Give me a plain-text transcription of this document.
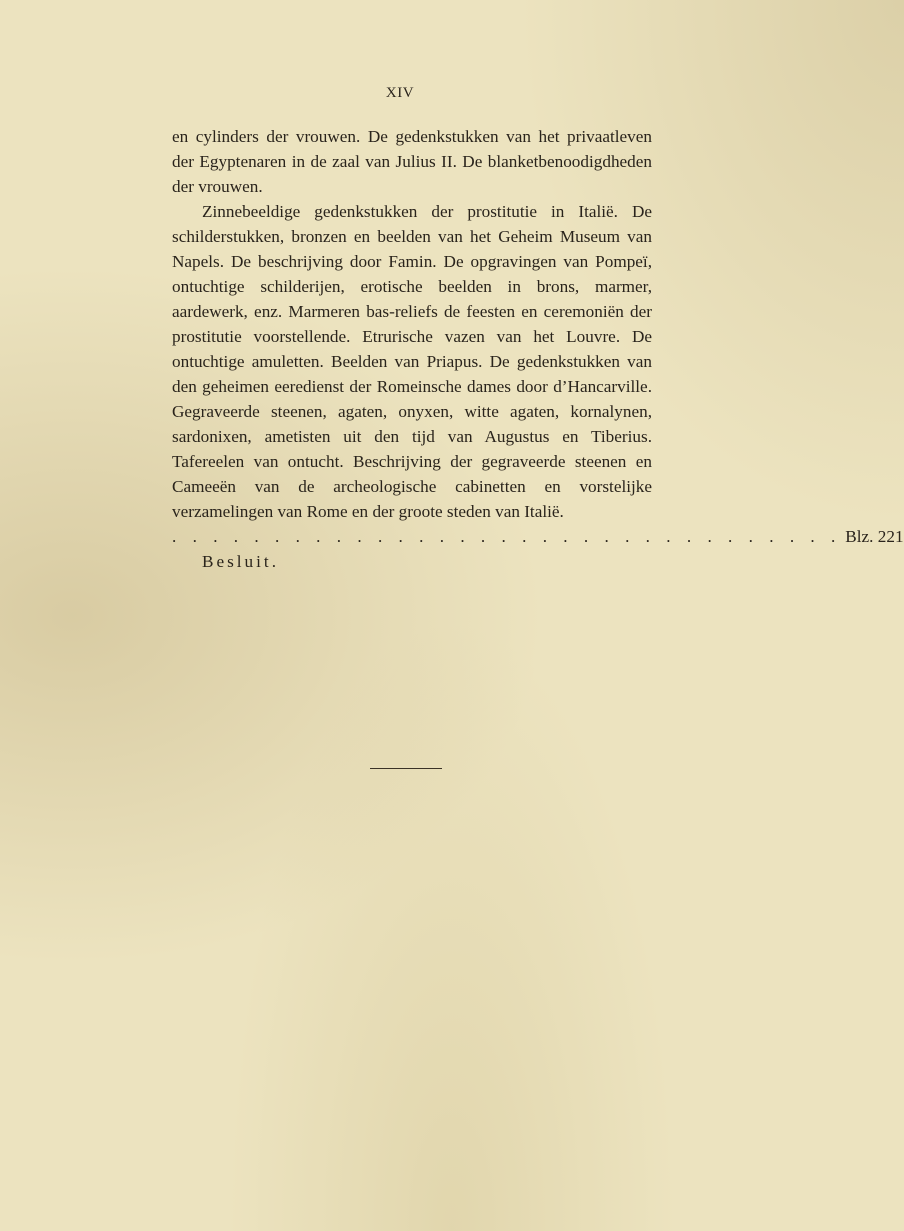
XIV

en cylinders der vrouwen. De gedenkstukken van het privaatleven der Egyptenaren in de zaal van Julius II. De blanketbenoodigdheden der vrouwen.

Zinnebeeldige gedenkstukken der prostitutie in Italië. De schilderstukken, bronzen en beelden van het Geheim Museum van Napels. De beschrijving door Famin. De opgravingen van Pompeï, ontuchtige schilderijen, erotische beelden in brons, marmer, aardewerk, enz. Marmeren bas-reliefs de feesten en ceremoniën der prostitutie voorstellende. Etrurische vazen van het Louvre. De ontuchtige amuletten. Beelden van Priapus. De gedenkstukken van den geheimen eeredienst der Romeinsche dames door d’Hancarville. Gegraveerde steenen, agaten, onyxen, witte agaten, kornalynen, sardonixen, ametisten uit den tijd van Augustus en Tiberius. Tafereelen van ontucht. Beschrijving der gegraveerde steenen en Cameeën van de archeologische cabinetten en vorstelijke verzamelingen van Rome en der groote steden van Italië.

. . . . . . . . . . . . . . . . . . . . . . . . . . . . . . . . . Blz. 221

Besluit.
